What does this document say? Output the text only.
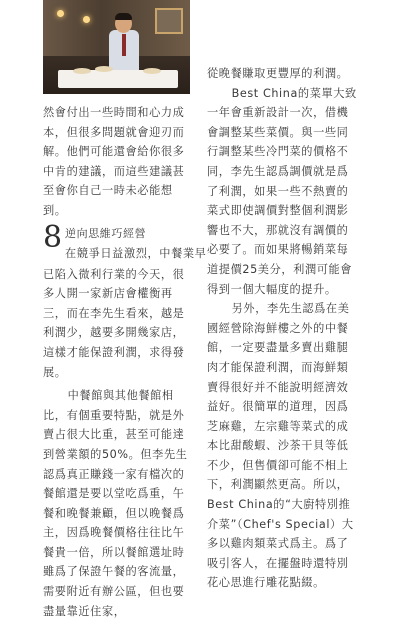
然會付出一些時間和心力成本，但很多問題就會迎刃而解。他們可能還會給你很多中肯的建議，而這些建議甚至會你自己一時未必能想到。

8 逆向思維巧經營
在競爭日益激烈，中餐業早

已陷入微利行業的今天，很多人開一家新店會權衡再三，而在李先生看來，越是利潤少，越要多開幾家店，這樣才能保證利潤，求得發展。

中餐館與其他餐館相比，有個重要特點，就是外賣占很大比重，甚至可能達到營業額的50%。但李先生認爲真正賺錢一家有檔次的餐館還是要以堂吃爲重，午餐和晚餐兼顧，但以晚餐爲主，因爲晚餐價格往往比午餐貴一倍，所以餐館選址時雖爲了保證午餐的客流量，需要附近有辦公區，但也要盡量靠近住家，

從晚餐賺取更豐厚的利潤。

Best China的菜單大致一年會重新設計一次，借機會調整某些菜價。與一些同行調整某些冷門菜的價格不同，李先生認爲調價就是爲了利潤，如果一些不熱賣的菜式即使調價對整個利潤影響也不大，那就沒有調價的必要了。而如果將暢銷菜每道提價25美分，利潤可能會得到一個大幅度的提升。

另外，李先生認爲在美國經營除海鮮樓之外的中餐館，一定要盡量多賣出雞腿肉才能保證利潤，而海鮮類賣得很好并不能說明經濟效益好。很簡單的道理，因爲芝麻雞，左宗雞等菜式的成本比甜酸蝦、沙茶干貝等低不少，但售價卻可能不相上下，利潤顯然更高。所以，Best China的“大廚特別推介菜”（Chef's Special）大多以雞肉類菜式爲主。爲了吸引客人，在擺盤時還特別花心思進行雕花點綴。
